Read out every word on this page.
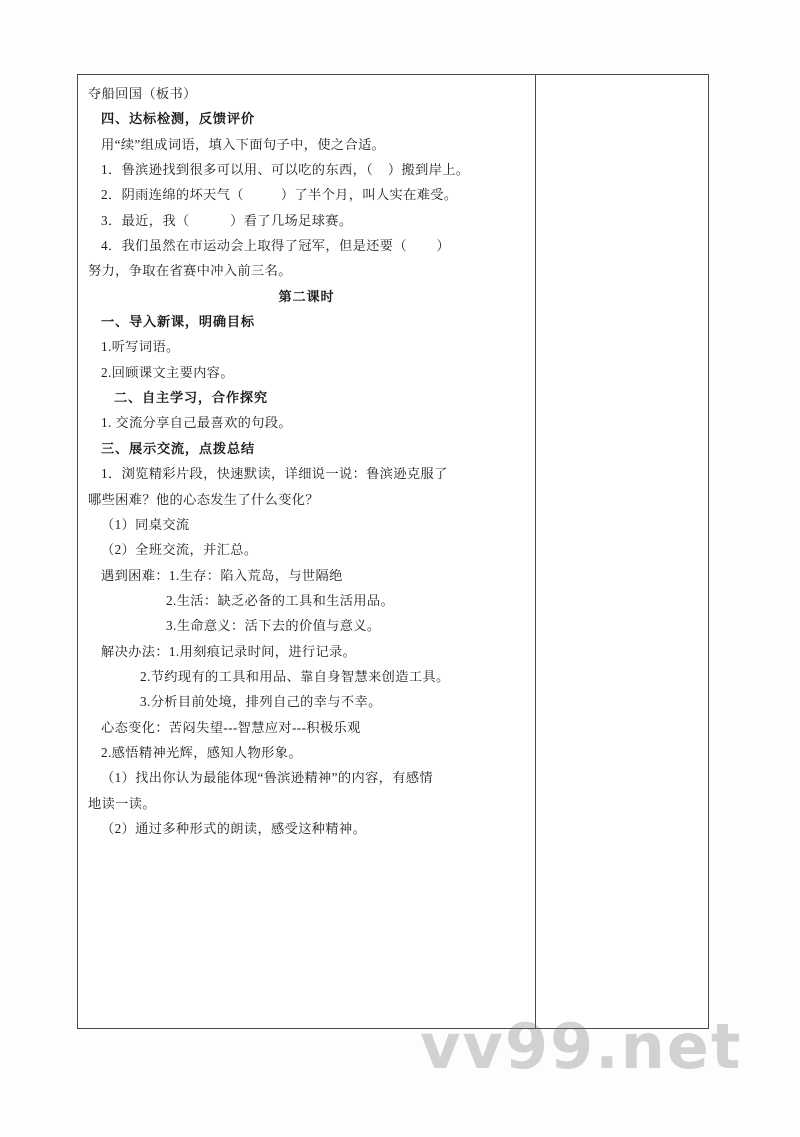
夺船回国（板书）
四、达标检测，反馈评价
用“续”组成词语，填入下面句子中，使之合适。
1．鲁滨逊找到很多可以用、可以吃的东西，（    ）搬到岸上。
2．阴雨连绵的坏天气（          ）了半个月，叫人实在难受。
3．最近，我（           ）看了几场足球赛。
4．我们虽然在市运动会上取得了冠军，但是还要（        ）
努力，争取在省赛中冲入前三名。
第二课时
一、导入新课，明确目标
1.听写词语。
2.回顾课文主要内容。
二、自主学习，合作探究
1. 交流分享自己最喜欢的句段。
三、展示交流，点拨总结
1．浏览精彩片段，快速默读，详细说一说：鲁滨逊克服了
哪些困难？他的心态发生了什么变化？
（1）同桌交流
（2）全班交流，并汇总。
遇到困难：1.生存：陷入荒岛，与世隔绝
2.生活：缺乏必备的工具和生活用品。
3.生命意义：活下去的价值与意义。
解决办法：1.用刻痕记录时间，进行记录。
2.节约现有的工具和用品、靠自身智慧来创造工具。
3.分析目前处境，排列自己的幸与不幸。
心态变化：苦闷失望---智慧应对---积极乐观
2.感悟精神光辉，感知人物形象。
（1）找出你认为最能体现“鲁滨逊精神”的内容，有感情
地读一读。
（2）通过多种形式的朗读，感受这种精神。
vv99.net
